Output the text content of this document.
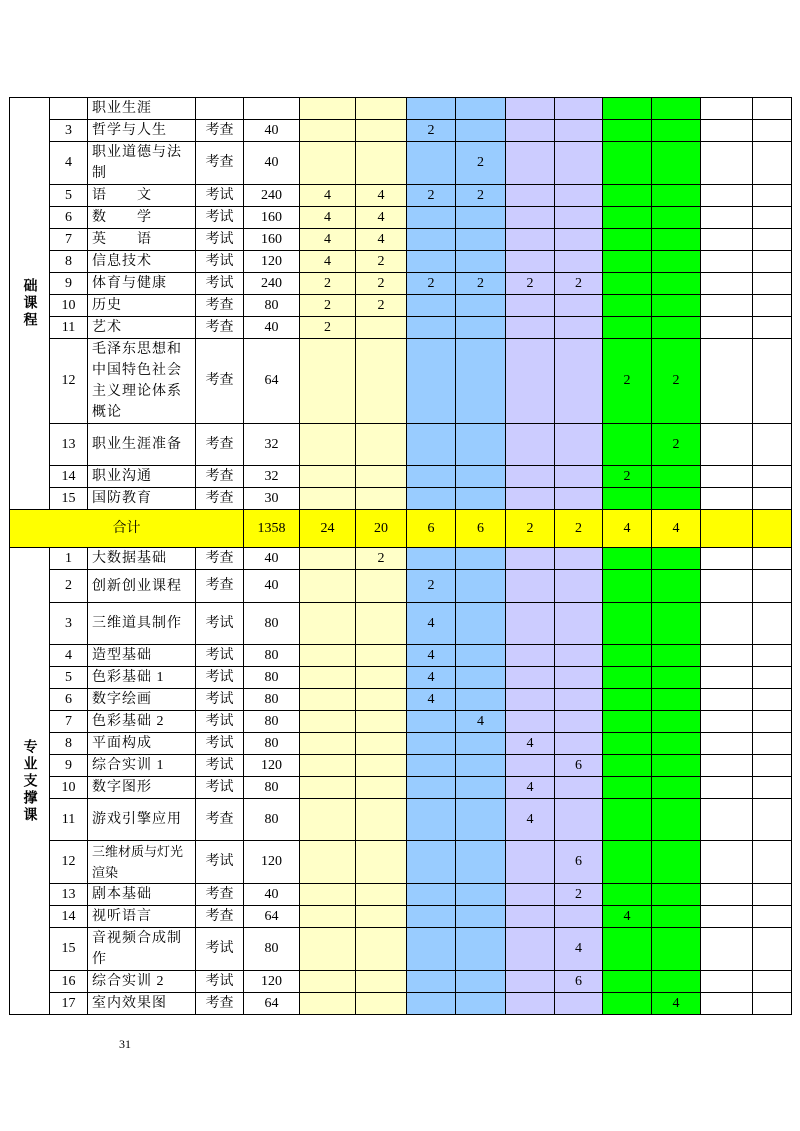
础课程		职业生涯												
	3	哲学与人生	考查	40			2							
	4	职业道德与法制	考查	40				2						
	5	语　　文	考试	240	4	4	2	2						
	6	数　　学	考试	160	4	4								
	7	英　　语	考试	160	4	4								
	8	信息技术	考试	120	4	2								
	9	体育与健康	考试	240	2	2	2	2	2	2				
	10	历史	考查	80	2	2								
	11	艺术	考查	40	2									
	12	毛泽东思想和中国特色社会主义理论体系概论	考查	64							2	2		
	13	职业生涯准备	考查	32								2		
	14	职业沟通	考查	32							2			
	15	国防教育	考查	30										
合计				1358	24	20	6	6	2	2	4	4		
专业支撑课	1	大数据基础	考查	40		2								
	2	创新创业课程	考查	40			2							
	3	三维道具制作	考试	80			4							
	4	造型基础	考试	80			4							
	5	色彩基础 1	考试	80			4							
	6	数字绘画	考试	80			4							
	7	色彩基础 2	考试	80				4						
	8	平面构成	考试	80					4					
	9	综合实训 1	考试	120						6				
	10	数字图形	考试	80					4					
	11	游戏引擎应用	考查	80					4					
	12	三维材质与灯光渲染	考试	120						6				
	13	剧本基础	考查	40						2				
	14	视听语言	考查	64							4			
	15	音视频合成制作	考试	80						4				
	16	综合实训 2	考试	120						6				
	17	室内效果图	考查	64								4		
31
